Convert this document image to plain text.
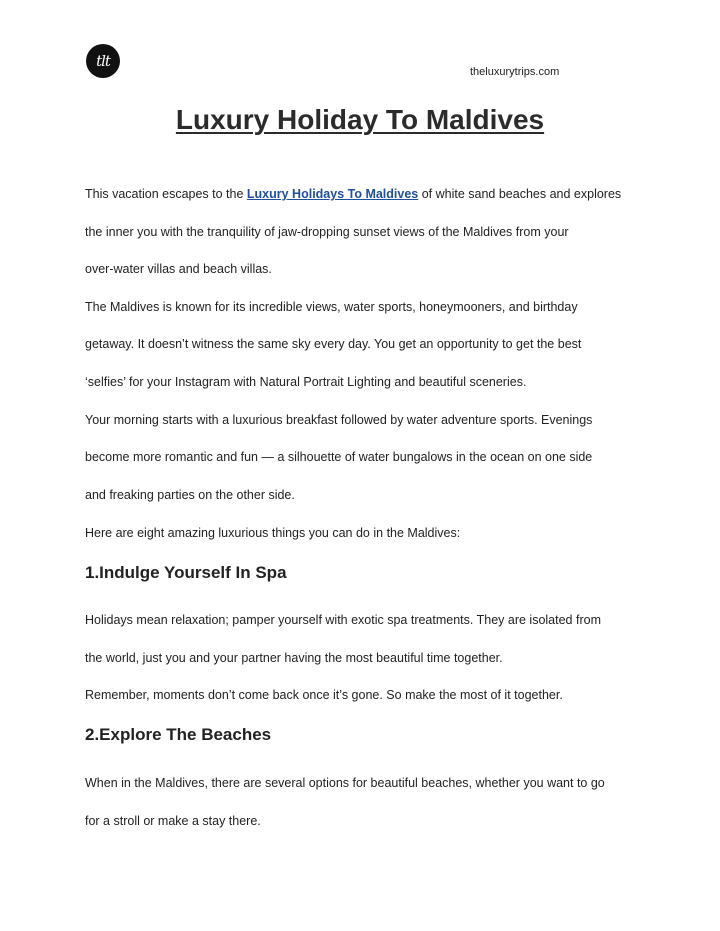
tlt
theluxurytrips.com
Luxury Holiday To Maldives

This vacation escapes to the Luxury Holidays To Maldives of white sand beaches and explores

the inner you with the tranquility of jaw-dropping sunset views of the Maldives from your

over-water villas and beach villas.

The Maldives is known for its incredible views, water sports, honeymooners, and birthday

getaway. It doesn’t witness the same sky every day. You get an opportunity to get the best

‘selfies’ for your Instagram with Natural Portrait Lighting and beautiful sceneries.

Your morning starts with a luxurious breakfast followed by water adventure sports. Evenings

become more romantic and fun — a silhouette of water bungalows in the ocean on one side

and freaking parties on the other side.

Here are eight amazing luxurious things you can do in the Maldives:

1.Indulge Yourself In Spa

Holidays mean relaxation; pamper yourself with exotic spa treatments. They are isolated from

the world, just you and your partner having the most beautiful time together.

Remember, moments don’t come back once it’s gone. So make the most of it together.

2.Explore The Beaches

When in the Maldives, there are several options for beautiful beaches, whether you want to go

for a stroll or make a stay there.
